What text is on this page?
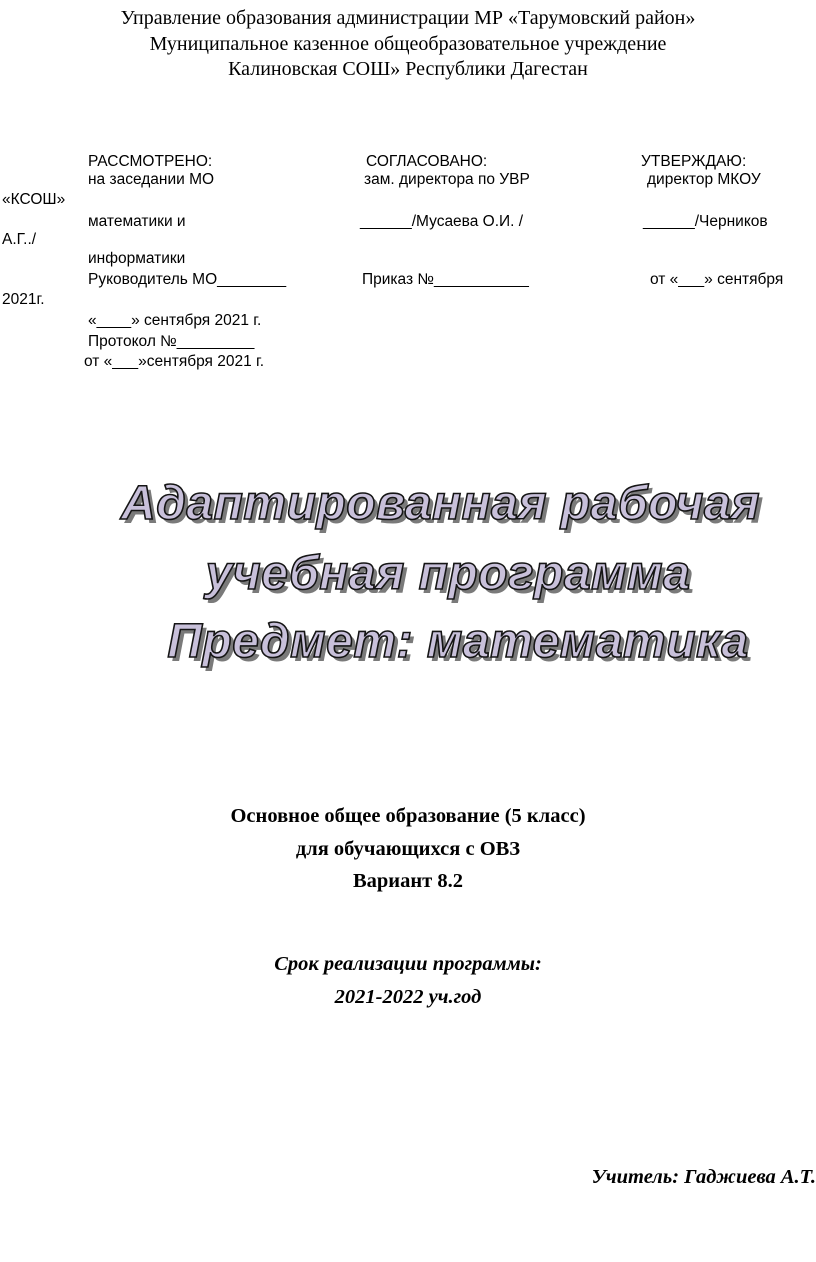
Управление образования администрации МР «Тарумовский район»
Муниципальное казенное общеобразовательное учреждение
Калиновская СОШ» Республики Дагестан
РАССМОТРЕНО:
на заседании МО
математики и
информатики
Руководитель МО________
«____» сентября 2021 г.
Протокол №_________
от «___»сентября 2021 г.
СОГЛАСОВАНО:
зам. директора по УВР
______/Мусаева О.И. /
Приказ №___________
УТВЕРЖДАЮ:
директор МКОУ
«КСОШ»
______/Черников
А.Г../
от «___» сентября
2021г.
Адаптированная рабочая
учебная программа
Предмет: математика
Основное общее образование (5 класс)
для обучающихся с ОВЗ
Вариант 8.2
Срок реализации программы:
2021-2022 уч.год
Учитель: Гаджиева А.Т.
